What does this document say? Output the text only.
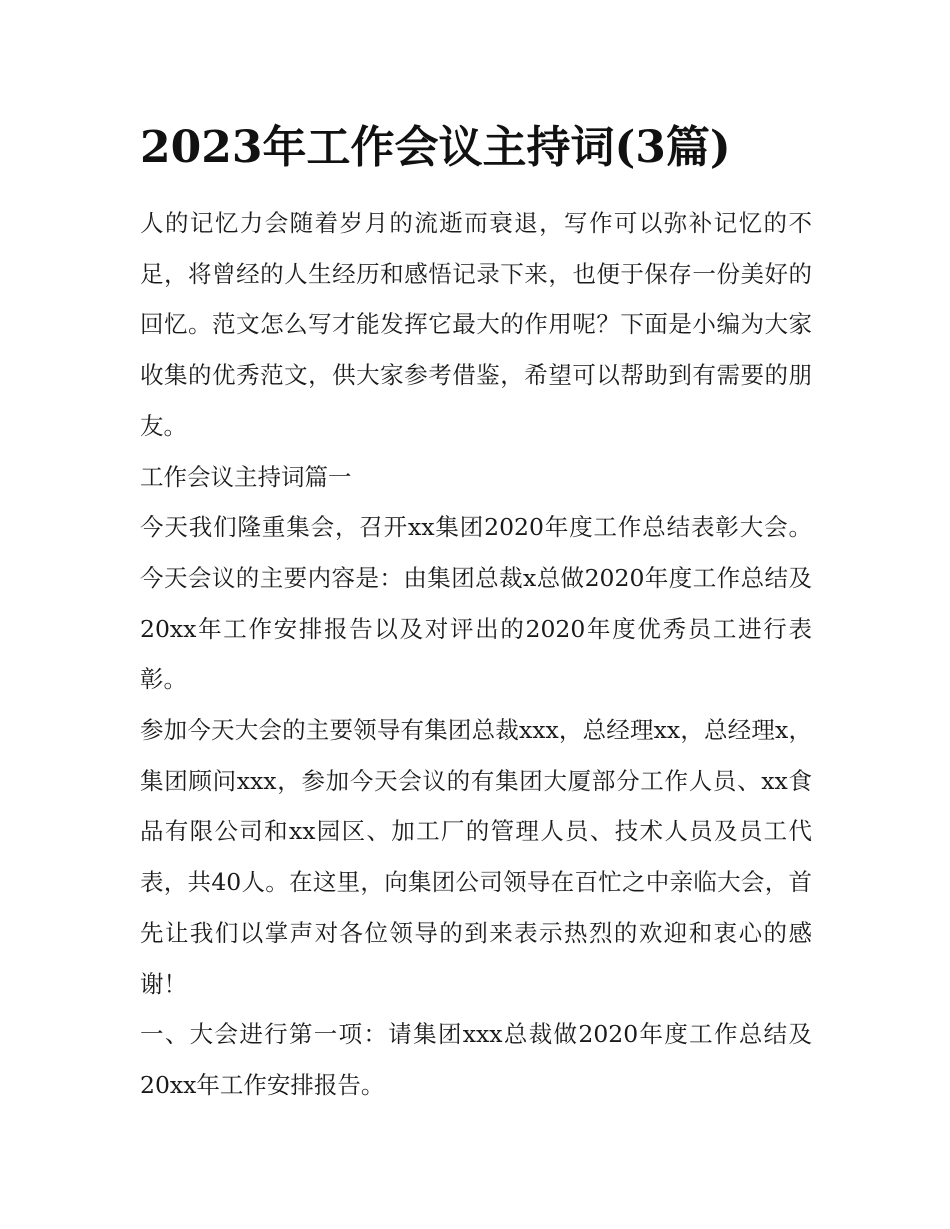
2023年工作会议主持词(3篇)

人的记忆力会随着岁月的流逝而衰退，写作可以弥补记忆的不足，将曾经的人生经历和感悟记录下来，也便于保存一份美好的回忆。范文怎么写才能发挥它最大的作用呢？下面是小编为大家收集的优秀范文，供大家参考借鉴，希望可以帮助到有需要的朋友。

工作会议主持词篇一

今天我们隆重集会，召开xx集团2020年度工作总结表彰大会。今天会议的主要内容是：由集团总裁x总做2020年度工作总结及20xx年工作安排报告以及对评出的2020年度优秀员工进行表彰。

参加今天大会的主要领导有集团总裁xxx，总经理xx，总经理x，集团顾问xxx，参加今天会议的有集团大厦部分工作人员、xx食品有限公司和xx园区、加工厂的管理人员、技术人员及员工代表，共40人。在这里，向集团公司领导在百忙之中亲临大会，首先让我们以掌声对各位领导的到来表示热烈的欢迎和衷心的感谢！

一、大会进行第一项：请集团xxx总裁做2020年度工作总结及20xx年工作安排报告。
